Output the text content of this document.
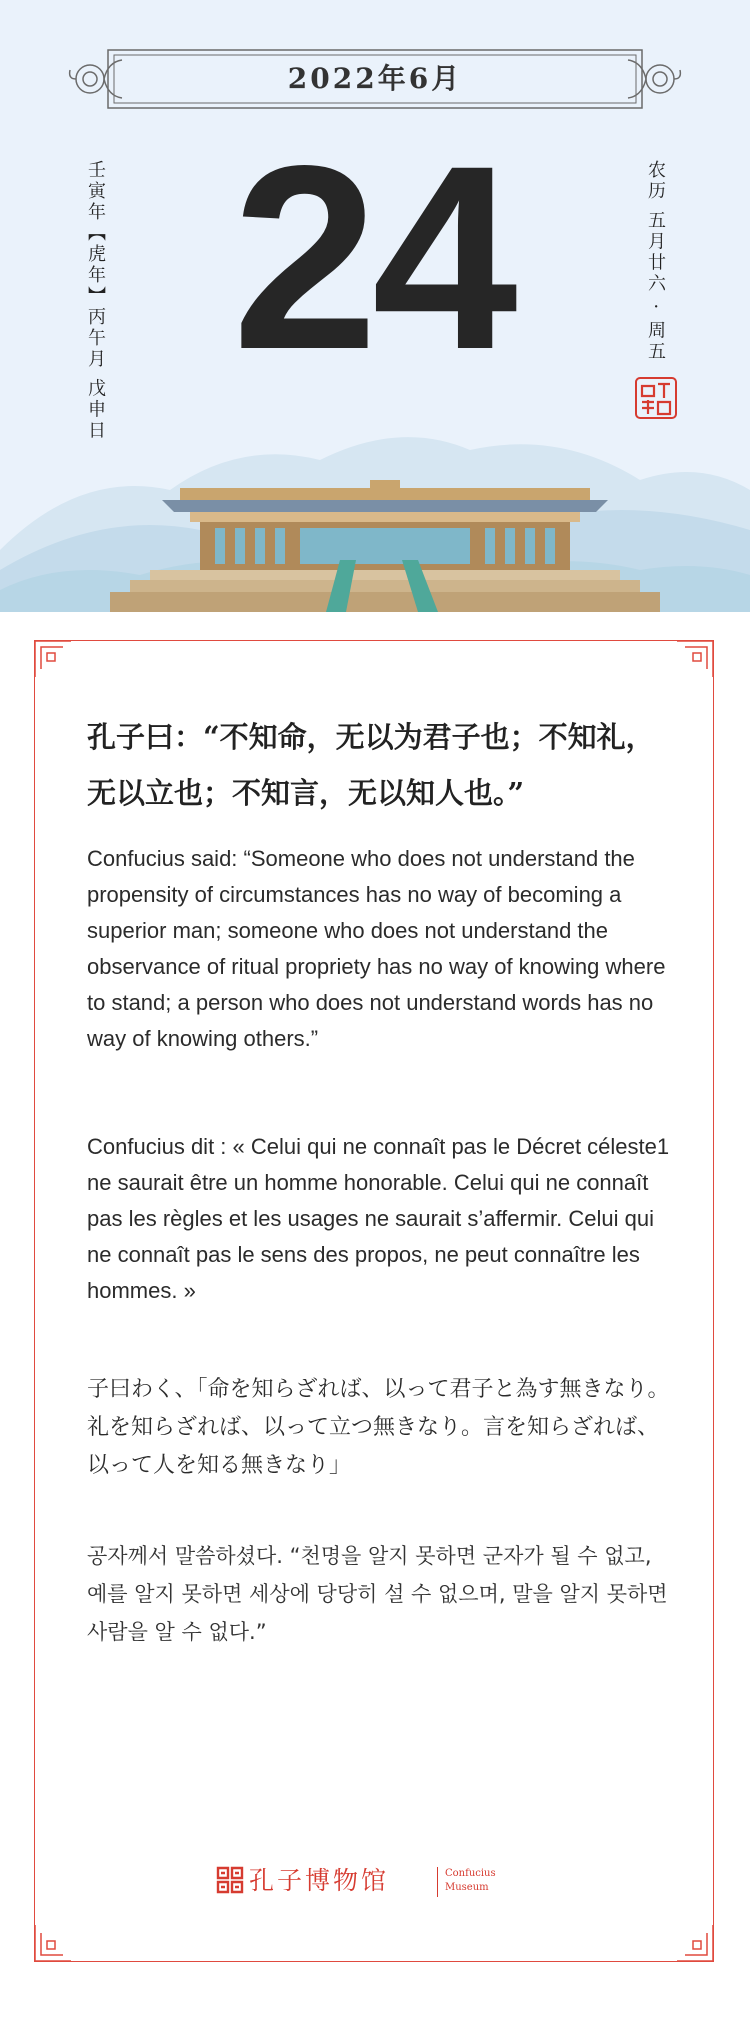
2022年6月
24
壬寅年【虎年】丙午月 戊申日	农历 五月廿六 · 周五
孔子曰：“不知命，无以为君子也；不知礼，无以立也；不知言，无以知人也。”
Confucius said: “Someone who does not understand the propensity of circumstances has no way of becoming a superior man; someone who does not understand the observance of ritual propriety has no way of knowing where to stand; a person who does not understand words has no way of knowing others.”
Confucius dit : « Celui qui ne connaît pas le Décret céleste1 ne saurait être un homme honorable. Celui qui ne connaît pas les règles et les usages ne saurait s’affermir. Celui qui ne connaît pas le sens des propos, ne peut connaître les hommes. »
子曰わく、「命を知らざれば、以って君子と為す無きなり。礼を知らざれば、以って立つ無きなり。言を知らざれば、以って人を知る無きなり」
공자께서 말씀하셨다. “천명을 알지 못하면 군자가 될 수 없고, 예를 알지 못하면 세상에 당당히 설 수 없으며, 말을 알지 못하면 사람을 알 수 없다.”
孔子博物馆	Confucius
Museum
